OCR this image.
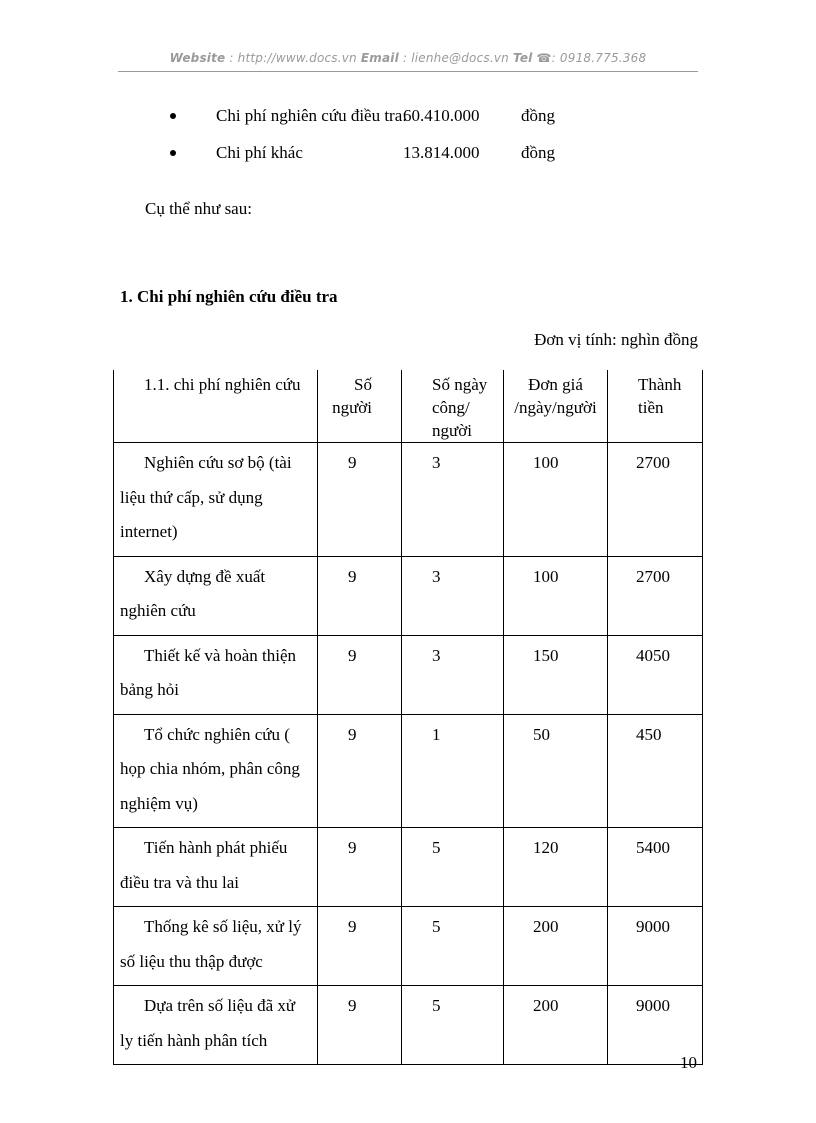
Website : http://www.docs.vn Email : lienhe@docs.vn Tel ☎: 0918.775.368
Chi phí nghiên cứu điều tra:
60.410.000 đồng
Chi phí khác	13.814.000 đồng
Cụ thể như sau:
1. Chi phí nghiên cứu điều tra
Đơn vị tính: nghìn đồng
1.1. chi phí nghiên cứu	Số người	Số ngày công/ người	Đơn giá /ngày/người	Thành tiền

Nghiên cứu sơ bộ (tài liệu thứ cấp, sử dụng internet)	9	3	100	2700
Xây dựng đề xuất nghiên cứu	9	3	100	2700
Thiết kế và hoàn thiện bảng hỏi	9	3	150	4050
Tổ chức nghiên cứu ( họp chia nhóm, phân công nghiệm vụ)	9	1	50	450
Tiến hành phát phiếu điều tra và thu lai	9	5	120	5400
Thống kê số liệu, xử lý số liệu thu thập được	9	5	200	9000
Dựa trên số liệu đã xử ly tiến hành phân tích	9	5	200	9000
10
